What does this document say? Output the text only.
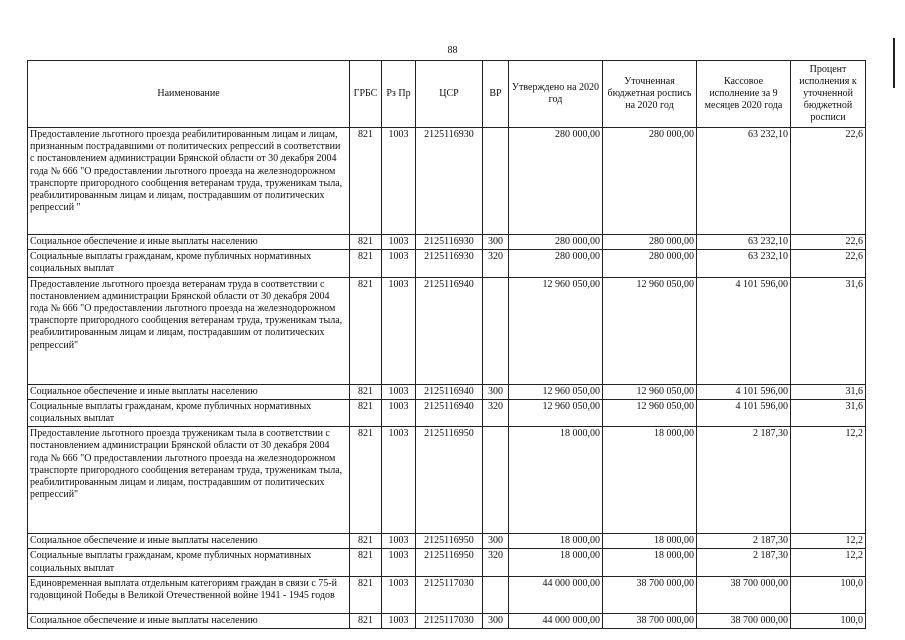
88
Наименование	ГРБС	Рз Пр	ЦСР	ВР	Утверждено на 2020 год	Уточненная бюджетная роспись на 2020 год	Кассовое исполнение за 9 месяцев 2020 года	Процент исполнения к уточненной бюджетной росписи
Предоставление льготного проезда реабилитированным лицам и лицам, признанным пострадавшими от политических репрессий в соответствии с постановлением администрации Брянской области от 30 декабря 2004 года № 666 "О предоставлении льготного проезда на железнодорожном транспорте пригородного сообщения ветеранам труда, труженикам тыла, реабилитированным лицам и лицам, пострадавшим от политических репрессий "	821	1003	2125116930		280 000,00	280 000,00	63 232,10	22,6
Социальное обеспечение и иные выплаты населению	821	1003	2125116930	300	280 000,00	280 000,00	63 232,10	22,6
Социальные выплаты гражданам, кроме публичных нормативных социальных выплат	821	1003	2125116930	320	280 000,00	280 000,00	63 232,10	22,6
Предоставление льготного проезда ветеранам труда в соответствии с постановлением администрации Брянской области от 30 декабря 2004 года № 666 "О предоставлении льготного проезда на железнодорожном транспорте пригородного сообщения ветеранам труда, труженикам тыла, реабилитированным лицам и лицам, пострадавшим от политических репрессий"	821	1003	2125116940		12 960 050,00	12 960 050,00	4 101 596,00	31,6
Социальное обеспечение и иные выплаты населению	821	1003	2125116940	300	12 960 050,00	12 960 050,00	4 101 596,00	31,6
Социальные выплаты гражданам, кроме публичных нормативных социальных выплат	821	1003	2125116940	320	12 960 050,00	12 960 050,00	4 101 596,00	31,6
Предоставление льготного проезда труженикам тыла в соответствии с постановлением администрации Брянской области от 30 декабря 2004 года № 666 "О предоставлении льготного проезда на железнодорожном транспорте пригородного сообщения ветеранам труда, труженикам тыла, реабилитированным лицам и лицам, пострадавшим от политических репрессий"	821	1003	2125116950		18 000,00	18 000,00	2 187,30	12,2
Социальное обеспечение и иные выплаты населению	821	1003	2125116950	300	18 000,00	18 000,00	2 187,30	12,2
Социальные выплаты гражданам, кроме публичных нормативных социальных выплат	821	1003	2125116950	320	18 000,00	18 000,00	2 187,30	12,2
Единовременная выплата отдельным категориям граждан в связи с 75-й годовщиной Победы в Великой Отечественной войне 1941 - 1945 годов	821	1003	2125117030		44 000 000,00	38 700 000,00	38 700 000,00	100,0
Социальное обеспечение и иные выплаты населению	821	1003	2125117030	300	44 000 000,00	38 700 000,00	38 700 000,00	100,0
